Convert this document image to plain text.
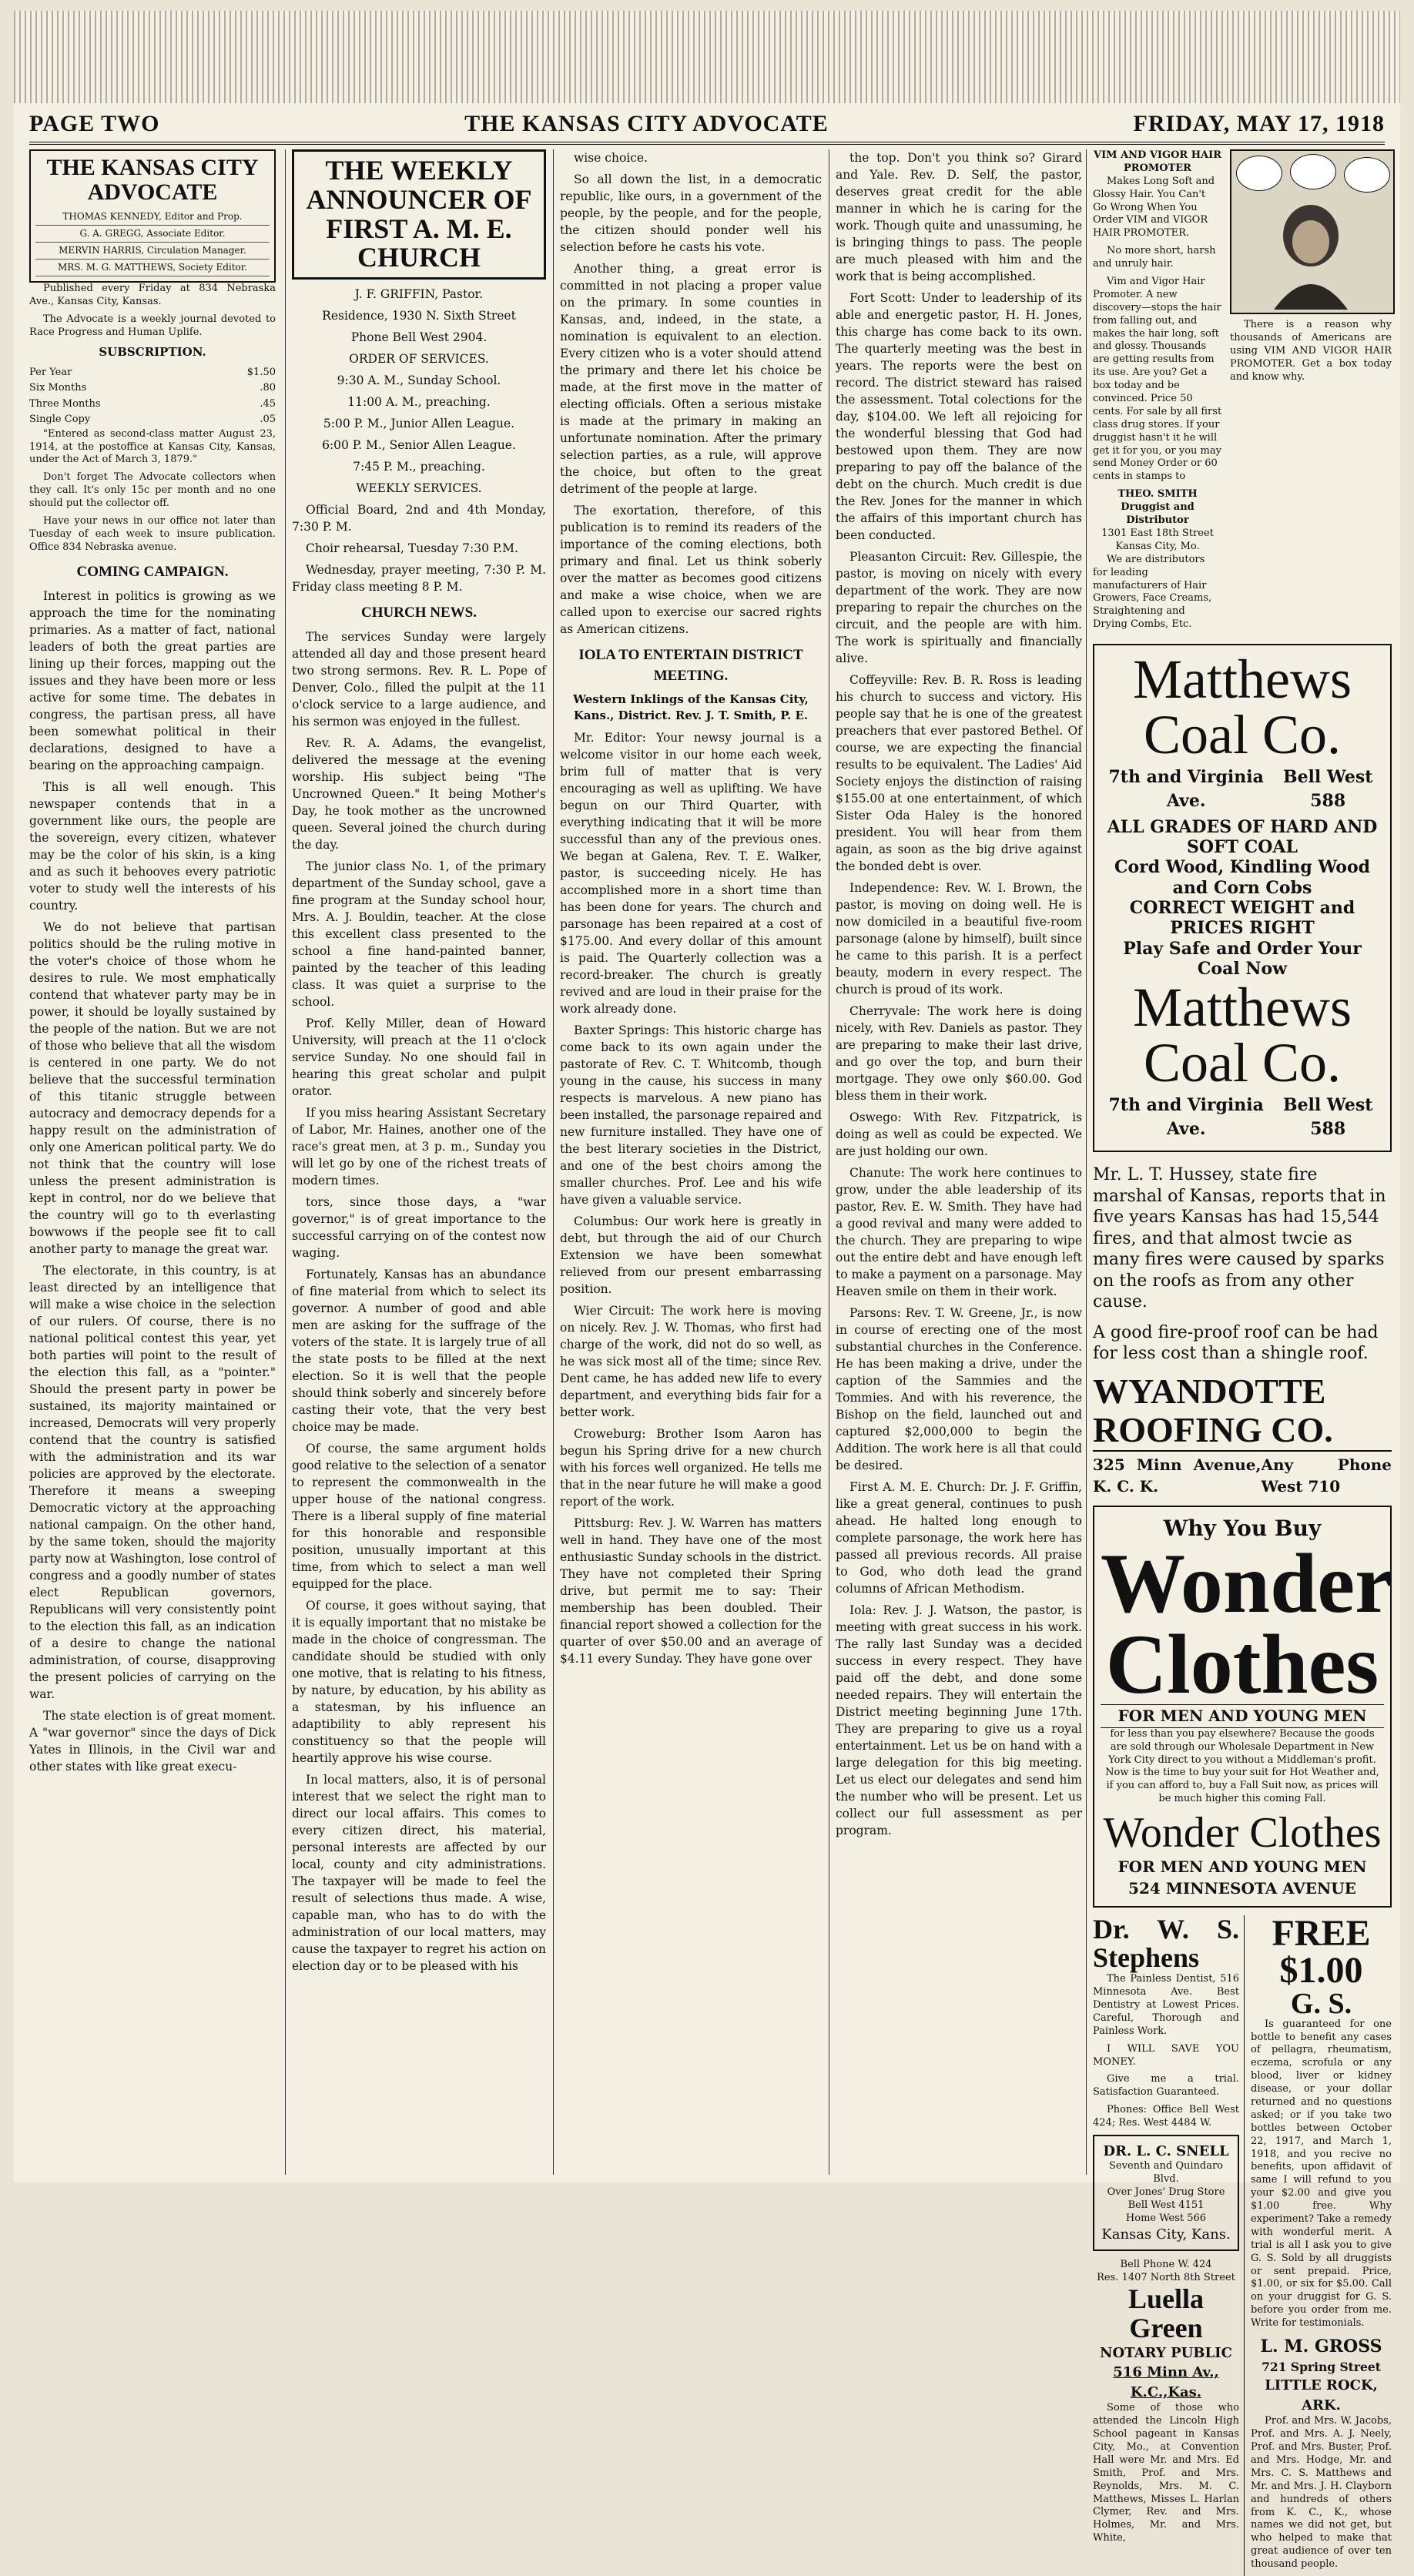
PAGE TWO	THE KANSAS CITY ADVOCATE	FRIDAY, MAY 17, 1918
THE KANSAS CITY ADVOCATE
THOMAS KENNEDY, Editor and Prop.
G. A. GREGG, Associate Editor.
MERVIN HARRIS, Circulation Manager.
MRS. M. G. MATTHEWS, Society Editor.

Published every Friday at 834 Nebraska Ave., Kansas City, Kansas.

The Advocate is a weekly journal devoted to Race Progress and Human Uplife.

SUBSCRIPTION.
Per Year	$1.50
Six Months	.80
Three Months	.45
Single Copy	.05

"Entered as second-class matter August 23, 1914, at the postoffice at Kansas City, Kansas, under the Act of March 3, 1879."

Don't forget The Advocate collectors when they call. It's only 15c per month and no one should put the collector off.

Have your news in our office not later than Tuesday of each week to insure publication. Office 834 Nebraska avenue.

COMING CAMPAIGN.

Interest in politics is growing as we approach the time for the nominating primaries. As a matter of fact, national leaders of both the great parties are lining up their forces, mapping out the issues and they have been more or less active for some time. The debates in congress, the partisan press, all have been somewhat political in their declarations, designed to have a bearing on the approaching campaign.

This is all well enough. This newspaper contends that in a government like ours, the people are the sovereign, every citizen, whatever may be the color of his skin, is a king and as such it behooves every patriotic voter to study well the interests of his country.

We do not believe that partisan politics should be the ruling motive in the voter's choice of those whom he desires to rule. We most emphatically contend that whatever party may be in power, it should be loyally sustained by the people of the nation. But we are not of those who believe that all the wisdom is centered in one party. We do not believe that the successful termination of this titanic struggle between autocracy and democracy depends for a happy result on the administration of only one American political party. We do not think that the country will lose unless the present administration is kept in control, nor do we believe that the country will go to th everlasting bowwows if the people see fit to call another party to manage the great war.

The electorate, in this country, is at least directed by an intelligence that will make a wise choice in the selection of our rulers. Of course, there is no national political contest this year, yet both parties will point to the result of the election this fall, as a "pointer." Should the present party in power be sustained, its majority maintained or increased, Democrats will very properly contend that the country is satisfied with the administration and its war policies are approved by the electorate. Therefore it means a sweeping Democratic victory at the approaching national campaign. On the other hand, by the same token, should the majority party now at Washington, lose control of congress and a goodly number of states elect Republican governors, Republicans will very consistently point to the election this fall, as an indication of a desire to change the national administration, of course, disapproving the present policies of carrying on the war.

The state election is of great moment. A "war governor" since the days of Dick Yates in Illinois, in the Civil war and other states with like great execu-

THE WEEKLY ANNOUNCER OF FIRST A. M. E. CHURCH

J. F. GRIFFIN, Pastor.

Residence, 1930 N. Sixth Street

Phone Bell West 2904.

ORDER OF SERVICES.

9:30 A. M., Sunday School.

11:00 A. M., preaching.

5:00 P. M., Junior Allen League.

6:00 P. M., Senior Allen League.

7:45 P. M., preaching.

WEEKLY SERVICES.

Official Board, 2nd and 4th Monday, 7:30 P. M.

Choir rehearsal, Tuesday 7:30 P.M.

Wednesday, prayer meeting, 7:30 P. M. Friday class meeting 8 P. M.

CHURCH NEWS.

The services Sunday were largely attended all day and those present heard two strong sermons. Rev. R. L. Pope of Denver, Colo., filled the pulpit at the 11 o'clock service to a large audience, and his sermon was enjoyed in the fullest.

Rev. R. A. Adams, the evangelist, delivered the message at the evening worship. His subject being "The Uncrowned Queen." It being Mother's Day, he took mother as the uncrowned queen. Several joined the church during the day.

The junior class No. 1, of the primary department of the Sunday school, gave a fine program at the Sunday school hour, Mrs. A. J. Bouldin, teacher. At the close this excellent class presented to the school a fine hand-painted banner, painted by the teacher of this leading class. It was quiet a surprise to the school.

Prof. Kelly Miller, dean of Howard University, will preach at the 11 o'clock service Sunday. No one should fail in hearing this great scholar and pulpit orator.

If you miss hearing Assistant Secretary of Labor, Mr. Haines, another one of the race's great men, at 3 p. m., Sunday you will let go by one of the richest treats of modern times.

tors, since those days, a "war governor," is of great importance to the successful carrying on of the contest now waging.

Fortunately, Kansas has an abundance of fine material from which to select its governor. A number of good and able men are asking for the suffrage of the voters of the state. It is largely true of all the state posts to be filled at the next election. So it is well that the people should think soberly and sincerely before casting their vote, that the very best choice may be made.

Of course, the same argument holds good relative to the selection of a senator to represent the commonwealth in the upper house of the national congress. There is a liberal supply of fine material for this honorable and responsible position, unusually important at this time, from which to select a man well equipped for the place.

Of course, it goes without saying, that it is equally important that no mistake be made in the choice of congressman. The candidate should be studied with only one motive, that is relating to his fitness, by nature, by education, by his ability as a statesman, by his influence an adaptibility to ably represent his constituency so that the people will heartily approve his wise course.

In local matters, also, it is of personal interest that we select the right man to direct our local affairs. This comes to every citizen direct, his material, personal interests are affected by our local, county and city administrations. The taxpayer will be made to feel the result of selections thus made. A wise, capable man, who has to do with the administration of our local matters, may cause the taxpayer to regret his action on election day or to be pleased with his

wise choice.

So all down the list, in a democratic republic, like ours, in a government of the people, by the people, and for the people, the citizen should ponder well his selection before he casts his vote.

Another thing, a great error is committed in not placing a proper value on the primary. In some counties in Kansas, and, indeed, in the state, a nomination is equivalent to an election. Every citizen who is a voter should attend the primary and there let his choice be made, at the first move in the matter of electing officials. Often a serious mistake is made at the primary in making an unfortunate nomination. After the primary selection parties, as a rule, will approve the choice, but often to the great detriment of the people at large.

The exortation, therefore, of this publication is to remind its readers of the importance of the coming elections, both primary and final. Let us think soberly over the matter as becomes good citizens and make a wise choice, when we are called upon to exercise our sacred rights as American citizens.

IOLA TO ENTERTAIN DISTRICT MEETING.
Western Inklings of the Kansas City, Kans., District. Rev. J. T. Smith, P. E.

Mr. Editor: Your newsy journal is a welcome visitor in our home each week, brim full of matter that is very encouraging as well as uplifting. We have begun on our Third Quarter, with everything indicating that it will be more successful than any of the previous ones. We began at Galena, Rev. T. E. Walker, pastor, is succeeding nicely. He has accomplished more in a short time than has been done for years. The church and parsonage has been repaired at a cost of $175.00. And every dollar of this amount is paid. The Quarterly collection was a record-breaker. The church is greatly revived and are loud in their praise for the work already done.

Baxter Springs: This historic charge has come back to its own again under the pastorate of Rev. C. T. Whitcomb, though young in the cause, his success in many respects is marvelous. A new piano has been installed, the parsonage repaired and new furniture installed. They have one of the best literary societies in the District, and one of the best choirs among the smaller churches. Prof. Lee and his wife have given a valuable service.

Columbus: Our work here is greatly in debt, but through the aid of our Church Extension we have been somewhat relieved from our present embarrassing position.

Wier Circuit: The work here is moving on nicely. Rev. J. W. Thomas, who first had charge of the work, did not do so well, as he was sick most all of the time; since Rev. Dent came, he has added new life to every department, and everything bids fair for a better work.

Croweburg: Brother Isom Aaron has begun his Spring drive for a new church with his forces well organized. He tells me that in the near future he will make a good report of the work.

Pittsburg: Rev. J. W. Warren has matters well in hand. They have one of the most enthusiastic Sunday schools in the district. They have not completed their Spring drive, but permit me to say: Their membership has been doubled. Their financial report showed a collection for the quarter of over $50.00 and an average of $4.11 every Sunday. They have gone over

the top. Don't you think so? Girard and Yale. Rev. D. Self, the pastor, deserves great credit for the able manner in which he is caring for the work. Though quite and unassuming, he is bringing things to pass. The people are much pleased with him and the work that is being accomplished.

Fort Scott: Under to leadership of its able and energetic pastor, H. H. Jones, this charge has come back to its own. The quarterly meeting was the best in years. The reports were the best on record. The district steward has raised the assessment. Total colections for the day, $104.00. We left all rejoicing for the wonderful blessing that God had bestowed upon them. They are now preparing to pay off the balance of the debt on the church. Much credit is due the Rev. Jones for the manner in which the affairs of this important church has been conducted.

Pleasanton Circuit: Rev. Gillespie, the pastor, is moving on nicely with every department of the work. They are now preparing to repair the churches on the circuit, and the people are with him. The work is spiritually and financially alive.

Coffeyville: Rev. B. R. Ross is leading his church to success and victory. His people say that he is one of the greatest preachers that ever pastored Bethel. Of course, we are expecting the financial results to be equivalent. The Ladies' Aid Society enjoys the distinction of raising $155.00 at one entertainment, of which Sister Oda Haley is the honored president. You will hear from them again, as soon as the big drive against the bonded debt is over.

Independence: Rev. W. I. Brown, the pastor, is moving on doing well. He is now domiciled in a beautiful five-room parsonage (alone by himself), built since he came to this parish. It is a perfect beauty, modern in every respect. The church is proud of its work.

Cherryvale: The work here is doing nicely, with Rev. Daniels as pastor. They are preparing to make their last drive, and go over the top, and burn their mortgage. They owe only $60.00. God bless them in their work.

Oswego: With Rev. Fitzpatrick, is doing as well as could be expected. We are just holding our own.

Chanute: The work here continues to grow, under the able leadership of its pastor, Rev. E. W. Smith. They have had a good revival and many were added to the church. They are preparing to wipe out the entire debt and have enough left to make a payment on a parsonage. May Heaven smile on them in their work.

Parsons: Rev. T. W. Greene, Jr., is now in course of erecting one of the most substantial churches in the Conference. He has been making a drive, under the caption of the Sammies and the Tommies. And with his reverence, the Bishop on the field, launched out and captured $2,000,000 to begin the Addition. The work here is all that could be desired.

First A. M. E. Church: Dr. J. F. Griffin, like a great general, continues to push ahead. He halted long enough to complete parsonage, the work here has passed all previous records. All praise to God, who doth lead the grand columns of African Methodism.

Iola: Rev. J. J. Watson, the pastor, is meeting with great success in his work. The rally last Sunday was a decided success in every respect. They have paid off the debt, and done some needed repairs. They will entertain the District meeting beginning June 17th. They are preparing to give us a royal entertainment. Let us be on hand with a large delegation for this big meeting. Let us elect our delegates and send him the number who will be present. Let us collect our full assessment as per program.

VIM AND VIGOR HAIR PROMOTER

Makes Long Soft and Glossy Hair. You Can't Go Wrong When You Order VIM and VIGOR HAIR PROMOTER.

No more short, harsh and unruly hair.

Vim and Vigor Hair Promoter. A new discovery—stops the hair from falling out, and makes the hair long, soft and glossy. Thousands are getting results from its use. Are you? Get a box today and be convinced. Price 50 cents. For sale by all first class drug stores. If your druggist hasn't it he will get it for you, or you may send Money Order or 60 cents in stamps to

THEO. SMITH
Druggist and Distributor
1301 East 18th Street
Kansas City, Mo.

We are distributors for leading manufacturers of Hair Growers, Face Creams, Straightening and Drying Combs, Etc.

There is a reason why thousands of Americans are using VIM AND VIGOR HAIR PROMOTER. Get a box today and know why.

Matthews Coal Co.
7th and Virginia Ave.
Bell West 588
ALL GRADES OF HARD AND SOFT COAL
Cord Wood, Kindling Wood and Corn Cobs
CORRECT WEIGHT and PRICES RIGHT
Play Safe and Order Your Coal Now
Matthews Coal Co.
7th and Virginia Ave.
Bell West 588
Mr. L. T. Hussey, state fire marshal of Kansas, reports that in five years Kansas has had 15,544 fires, and that almost twcie as many fires were caused by sparks on the roofs as from any other cause.
A good fire-proof roof can be had for less cost than a shingle roof.
WYANDOTTE ROOFING CO.
325 Minn Avenue, K. C. K.
Any Phone West 710
Why You Buy
Wonder
Clothes
FOR MEN AND YOUNG MEN

for less than you pay elsewhere? Because the goods are sold through our Wholesale Department in New York City direct to you without a Middleman's profit. Now is the time to buy your suit for Hot Weather and, if you can afford to, buy a Fall Suit now, as prices will be much higher this coming Fall.

Wonder Clothes
FOR MEN AND YOUNG MEN
524 MINNESOTA AVENUE
Dr. W. S. Stephens

The Painless Dentist, 516 Minnesota Ave. Best Dentistry at Lowest Prices. Careful, Thorough and Painless Work.

I WILL SAVE YOU MONEY.

Give me a trial. Satisfaction Guaranteed.

Phones: Office Bell West 424; Res. West 4484 W.

DR. L. C. SNELL
Seventh and Quindaro Blvd.
Over Jones' Drug Store
Bell West 4151
Home West 566
Kansas City, Kans.
Bell Phone W. 424
Res. 1407 North 8th Street
Luella Green
NOTARY PUBLIC
516 Minn Av., K.C.,Kas.

Some of those who attended the Lincoln High School pageant in Kansas City, Mo., at Convention Hall were Mr. and Mrs. Ed Smith, Prof. and Mrs. Reynolds, Mrs. M. C. Matthews, Misses L. Harlan Clymer, Rev. and Mrs. Holmes, Mr. and Mrs. White,

FREE $1.00
G. S.

Is guaranteed for one bottle to benefit any cases of pellagra, rheumatism, eczema, scrofula or any blood, liver or kidney disease, or your dollar returned and no questions asked; or if you take two bottles between October 22, 1917, and March 1, 1918, and you recive no benefits, upon affidavit of same I will refund to you your $2.00 and give you $1.00 free. Why experiment? Take a remedy with wonderful merit. A trial is all I ask you to give G. S. Sold by all druggists or sent prepaid. Price, $1.00, or six for $5.00. Call on your druggist for G. S. before you order from me. Write for testimonials.

L. M. GROSS
721 Spring Street
LITTLE ROCK, ARK.

Prof. and Mrs. W. Jacobs, Prof. and Mrs. A. J. Neely, Prof. and Mrs. Buster, Prof. and Mrs. Hodge, Mr. and Mrs. C. S. Matthews and Mr. and Mrs. J. H. Clayborn and hundreds of others from K. C., K., whose names we did not get, but who helped to make that great audience of over ten thousand people.
